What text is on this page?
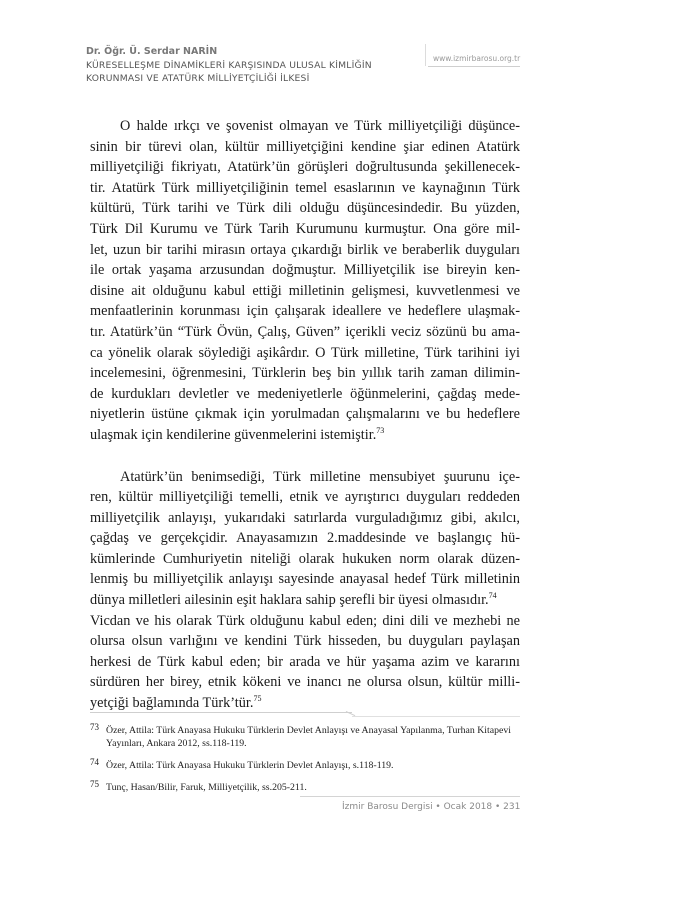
Dr. Öğr. Ü. Serdar NARİN
KÜRESELLEŞME DİNAMİKLERİ KARŞISINDA ULUSAL KİMLİĞİN
KORUNMASI VE ATATÜRK MİLLİYETÇİLİĞİ İLKESİ
www.izmirbarosu.org.tr

O halde ırkçı ve şovenist olmayan ve Türk milliyetçiliği düşünce-
sinin bir türevi olan, kültür milliyetçiğini kendine şiar edinen Atatürk
milliyetçiliği fikriyatı, Atatürk’ün görüşleri doğrultusunda şekillenecek-
tir. Atatürk Türk milliyetçiliğinin temel esaslarının ve kaynağının Türk
kültürü, Türk tarihi ve Türk dili olduğu düşüncesindedir. Bu yüzden,
Türk Dil Kurumu ve Türk Tarih Kurumunu kurmuştur. Ona göre mil-
let, uzun bir tarihi mirasın ortaya çıkardığı birlik ve beraberlik duyguları
ile ortak yaşama arzusundan doğmuştur. Milliyetçilik ise bireyin ken-
disine ait olduğunu kabul ettiği milletinin gelişmesi, kuvvetlenmesi ve
menfaatlerinin korunması için çalışarak ideallere ve hedeflere ulaşmak-
tır. Atatürk’ün “Türk Övün, Çalış, Güven” içerikli veciz sözünü bu ama-
ca yönelik olarak söylediği aşikârdır. O Türk milletine, Türk tarihini iyi
incelemesini, öğrenmesini, Türklerin beş bin yıllık tarih zaman dilimin-
de kurdukları devletler ve medeniyetlerle öğünmelerini, çağdaş mede-
niyetlerin üstüne çıkmak için yorulmadan çalışmalarını ve bu hedeflere
ulaşmak için kendilerine güvenmelerini istemiştir.$^{73}$

Atatürk’ün benimsediği, Türk milletine mensubiyet şuurunu içe-
ren, kültür milliyetçiliği temelli, etnik ve ayrıştırıcı duyguları reddeden
milliyetçilik anlayışı, yukarıdaki satırlarda vurguladığımız gibi, akılcı,
çağdaş ve gerçekçidir. Anayasamızın 2.maddesinde ve başlangıç hü-
kümlerinde Cumhuriyetin niteliği olarak hukuken norm olarak düzen-
lenmiş bu milliyetçilik anlayışı sayesinde anayasal hedef Türk milletinin
dünya milletleri ailesinin eşit haklara sahip şerefli bir üyesi olmasıdır.$^{74}$
Vicdan ve his olarak Türk olduğunu kabul eden; dini dili ve mezhebi ne
olursa olsun varlığını ve kendini Türk hisseden, bu duyguları paylaşan
herkesi de Türk kabul eden; bir arada ve hür yaşama azim ve kararını
sürdüren her birey, etnik kökeni ve inancı ne olursa olsun, kültür milli-
yetçiği bağlamında Türk’tür.$^{75}$

73 Özer, Attila: Türk Anayasa Hukuku Türklerin Devlet Anlayışı ve Anayasal Yapılanma, Turhan Kitapevi
Yayınları, Ankara 2012, ss.118-119.
74 Özer, Attila: Türk Anayasa Hukuku Türklerin Devlet Anlayışı, s.118-119.
75 Tunç, Hasan/Bilir, Faruk, Milliyetçilik, ss.205-211.
İzmir Barosu Dergisi • Ocak 2018 • 231
